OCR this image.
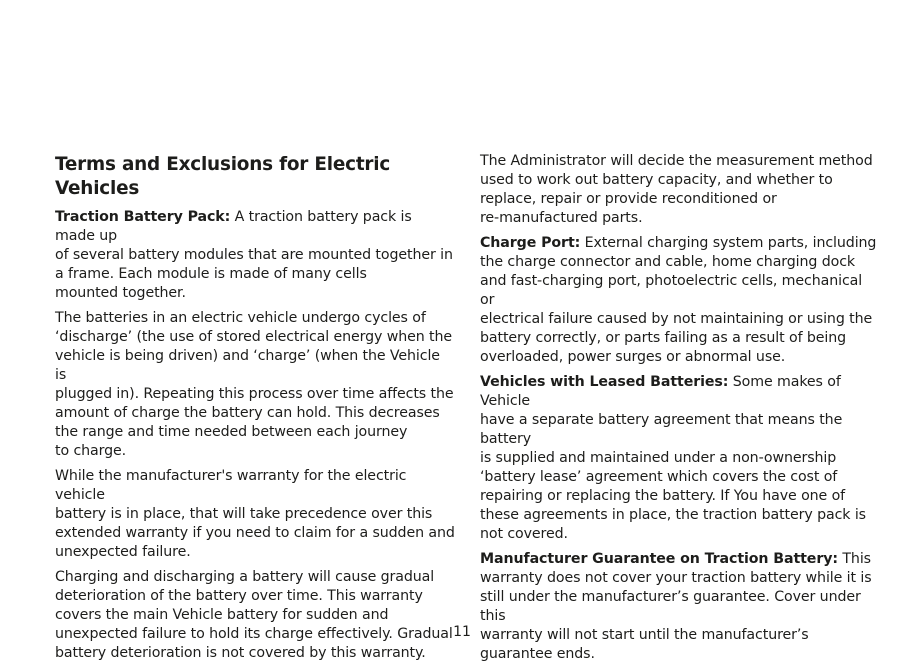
Terms and Exclusions for Electric Vehicles

Traction Battery Pack: A traction battery pack is made up
of several battery modules that are mounted together in
a frame. Each module is made of many cells
mounted together.

The batteries in an electric vehicle undergo cycles of
‘discharge’ (the use of stored electrical energy when the
vehicle is being driven) and ‘charge’ (when the Vehicle is
plugged in). Repeating this process over time affects the
amount of charge the battery can hold. This decreases
the range and time needed between each journey
to charge.

While the manufacturer's warranty for the electric vehicle
battery is in place, that will take precedence over this
extended warranty if you need to claim for a sudden and
unexpected failure.

Charging and discharging a battery will cause gradual
deterioration of the battery over time. This warranty
covers the main Vehicle battery for sudden and
unexpected failure to hold its charge effectively. Gradual
battery deterioration is not covered by this warranty.

The Administrator will decide the measurement method
used to work out battery capacity, and whether to
replace, repair or provide reconditioned or
re-manufactured parts.

Charge Port: External charging system parts, including
the charge connector and cable, home charging dock
and fast-charging port, photoelectric cells, mechanical or
electrical failure caused by not maintaining or using the
battery correctly, or parts failing as a result of being
overloaded, power surges or abnormal use.

Vehicles with Leased Batteries: Some makes of Vehicle
have a separate battery agreement that means the battery
is supplied and maintained under a non-ownership
‘battery lease’ agreement which covers the cost of
repairing or replacing the battery. If You have one of
these agreements in place, the traction battery pack is
not covered.

Manufacturer Guarantee on Traction Battery: This
warranty does not cover your traction battery while it is
still under the manufacturer’s guarantee. Cover under this
warranty will not start until the manufacturer’s
guarantee ends.

11
